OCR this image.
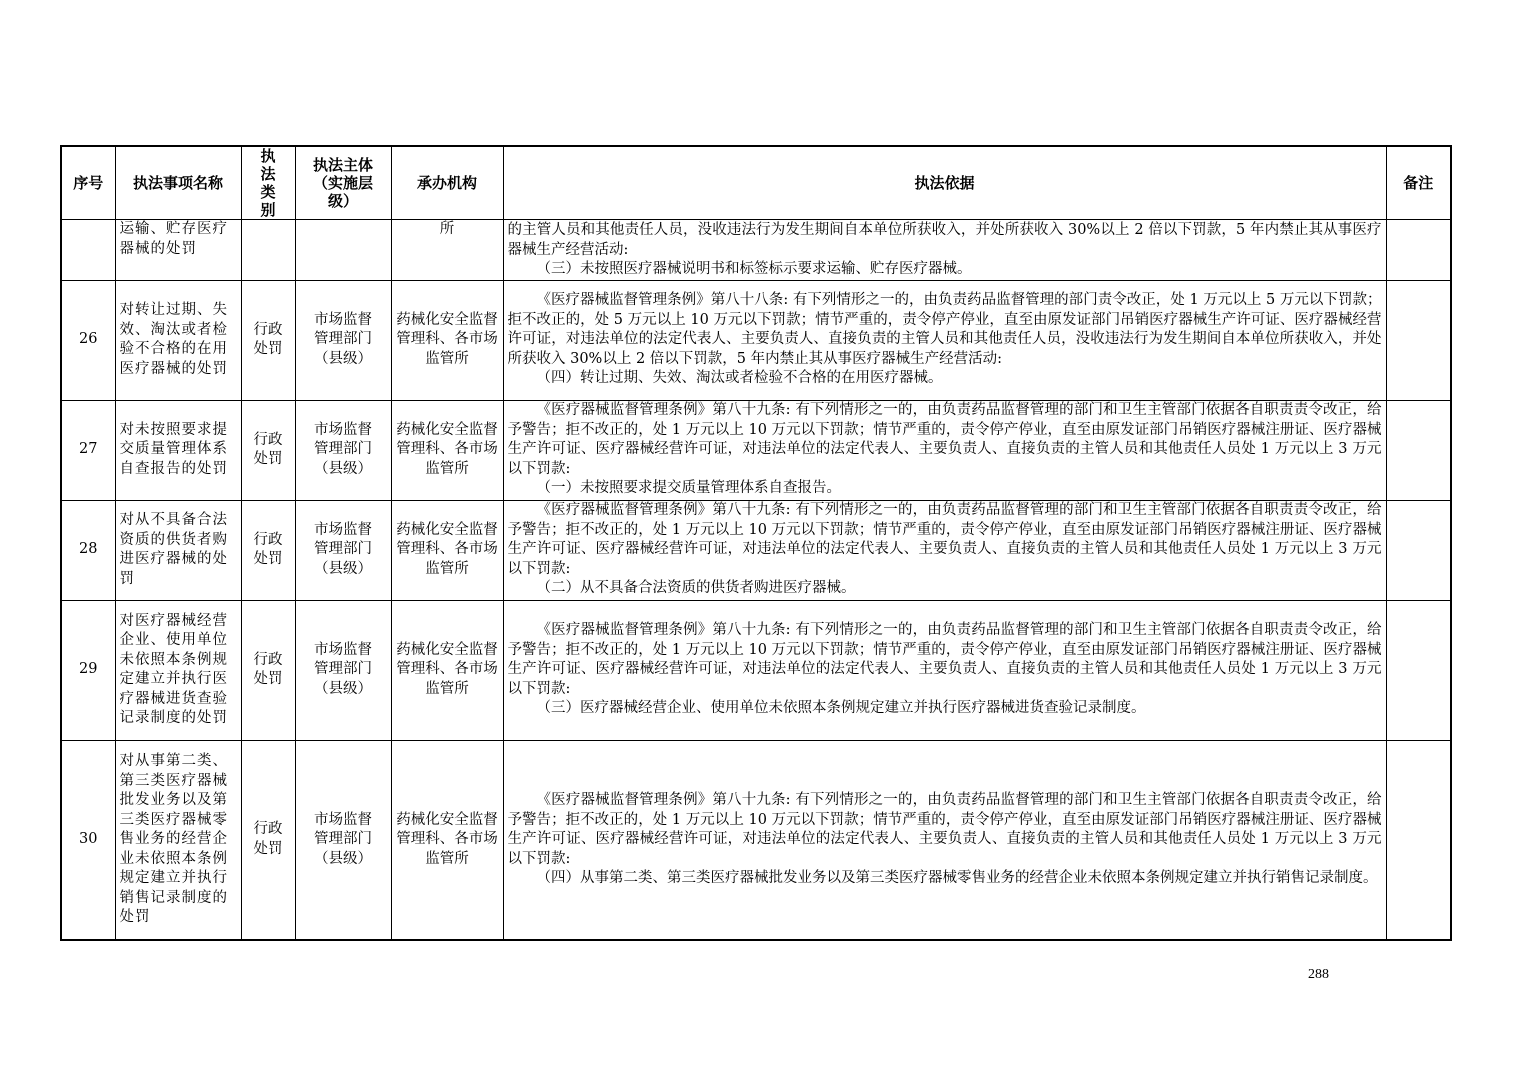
序号	执法事项名称	执法类别	执法主体（实施层级）	承办机构	执法依据	备注
	运输、贮存医疗器械的处罚			所	的主管人员和其他责任人员，没收违法行为发生期间自本单位所获收入，并处所获收入 30%以上 2 倍以下罚款，5 年内禁止其从事医疗器械生产经营活动:
（三）未按照医疗器械说明书和标签标示要求运输、贮存医疗器械。	

26	对转让过期、失效、淘汰或者检验不合格的在用医疗器械的处罚	行政处罚	市场监督管理部门（县级）	药械化安全监督管理科、各市场监管所	《医疗器械监督管理条例》第八十八条: 有下列情形之一的，由负责药品监督管理的部门责令改正，处 1 万元以上 5 万元以下罚款；拒不改正的，处 5 万元以上 10 万元以下罚款；情节严重的，责令停产停业，直至由原发证部门吊销医疗器械生产许可证、医疗器械经营许可证，对违法单位的法定代表人、主要负责人、直接负责的主管人员和其他责任人员，没收违法行为发生期间自本单位所获收入，并处所获收入 30%以上 2 倍以下罚款，5 年内禁止其从事医疗器械生产经营活动:
（四）转让过期、失效、淘汰或者检验不合格的在用医疗器械。	

27	对未按照要求提交质量管理体系自查报告的处罚	行政处罚	市场监督管理部门（县级）	药械化安全监督管理科、各市场监管所	《医疗器械监督管理条例》第八十九条: 有下列情形之一的，由负责药品监督管理的部门和卫生主管部门依据各自职责责令改正，给予警告；拒不改正的，处 1 万元以上 10 万元以下罚款；情节严重的，责令停产停业，直至由原发证部门吊销医疗器械注册证、医疗器械生产许可证、医疗器械经营许可证，对违法单位的法定代表人、主要负责人、直接负责的主管人员和其他责任人员处 1 万元以上 3 万元以下罚款:
（一）未按照要求提交质量管理体系自查报告。	

28	对从不具备合法资质的供货者购进医疗器械的处罚	行政处罚	市场监督管理部门（县级）	药械化安全监督管理科、各市场监管所	《医疗器械监督管理条例》第八十九条: 有下列情形之一的，由负责药品监督管理的部门和卫生主管部门依据各自职责责令改正，给予警告；拒不改正的，处 1 万元以上 10 万元以下罚款；情节严重的，责令停产停业，直至由原发证部门吊销医疗器械注册证、医疗器械生产许可证、医疗器械经营许可证，对违法单位的法定代表人、主要负责人、直接负责的主管人员和其他责任人员处 1 万元以上 3 万元以下罚款:
（二）从不具备合法资质的供货者购进医疗器械。	

29	对医疗器械经营企业、使用单位未依照本条例规定建立并执行医疗器械进货查验记录制度的处罚	行政处罚	市场监督管理部门（县级）	药械化安全监督管理科、各市场监管所	《医疗器械监督管理条例》第八十九条: 有下列情形之一的，由负责药品监督管理的部门和卫生主管部门依据各自职责责令改正，给予警告；拒不改正的，处 1 万元以上 10 万元以下罚款；情节严重的，责令停产停业，直至由原发证部门吊销医疗器械注册证、医疗器械生产许可证、医疗器械经营许可证，对违法单位的法定代表人、主要负责人、直接负责的主管人员和其他责任人员处 1 万元以上 3 万元以下罚款:
（三）医疗器械经营企业、使用单位未依照本条例规定建立并执行医疗器械进货查验记录制度。	

30	对从事第二类、第三类医疗器械批发业务以及第三类医疗器械零售业务的经营企业未依照本条例规定建立并执行销售记录制度的处罚	行政处罚	市场监督管理部门（县级）	药械化安全监督管理科、各市场监管所	《医疗器械监督管理条例》第八十九条: 有下列情形之一的，由负责药品监督管理的部门和卫生主管部门依据各自职责责令改正，给予警告；拒不改正的，处 1 万元以上 10 万元以下罚款；情节严重的，责令停产停业，直至由原发证部门吊销医疗器械注册证、医疗器械生产许可证、医疗器械经营许可证，对违法单位的法定代表人、主要负责人、直接负责的主管人员和其他责任人员处 1 万元以上 3 万元以下罚款:
（四）从事第二类、第三类医疗器械批发业务以及第三类医疗器械零售业务的经营企业未依照本条例规定建立并执行销售记录制度。	

288
